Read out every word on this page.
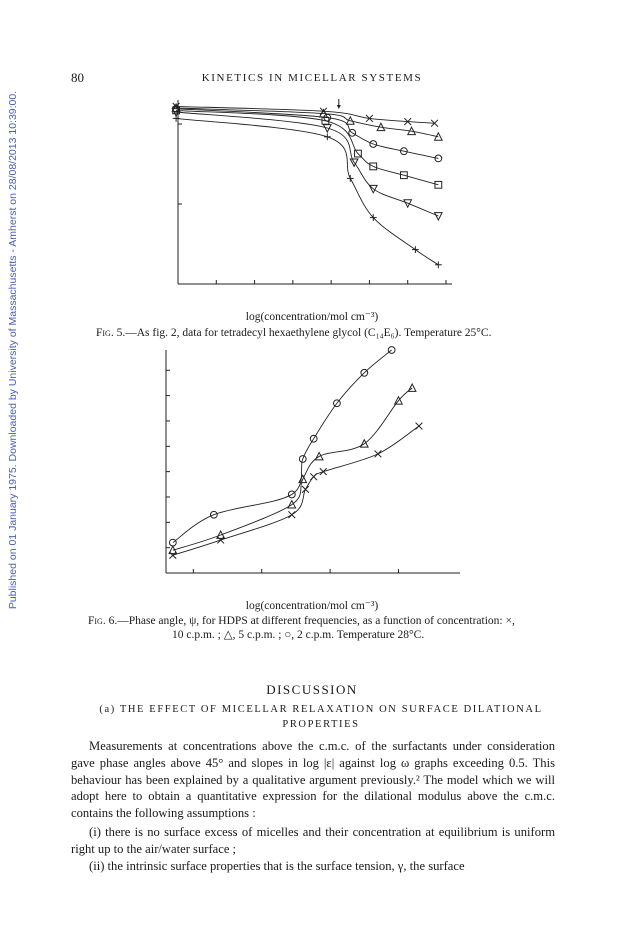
Published on 01 January 1975. Downloaded by University of Massachusetts - Amherst on 28/08/2013 10:39:00.
80	KINETICS IN MICELLAR SYSTEMS
log(concentration/mol cm⁻³)
Fig. 5.—As fig. 2, data for tetradecyl hexaethylene glycol (C₁₄E₆). Temperature 25°C.
log(concentration/mol cm⁻³)
Fig. 6.—Phase angle, ψ, for HDPS at different frequencies, as a function of concentration: ×,
10 c.p.m. ; △, 5 c.p.m. ; ○, 2 c.p.m. Temperature 28°C.
DISCUSSION
(a) THE EFFECT OF MICELLAR RELAXATION ON SURFACE DILATIONAL PROPERTIES
Measurements at concentrations above the c.m.c. of the surfactants under consideration gave phase angles above 45° and slopes in log |ε| against log ω graphs exceeding 0.5. This behaviour has been explained by a qualitative argument previously.² The model which we will adopt here to obtain a quantitative expression for the dilational modulus above the c.m.c. contains the following assumptions :
(i) there is no surface excess of micelles and their concentration at equilibrium is uniform right up to the air/water surface ;
(ii) the intrinsic surface properties that is the surface tension, γ, the surface
